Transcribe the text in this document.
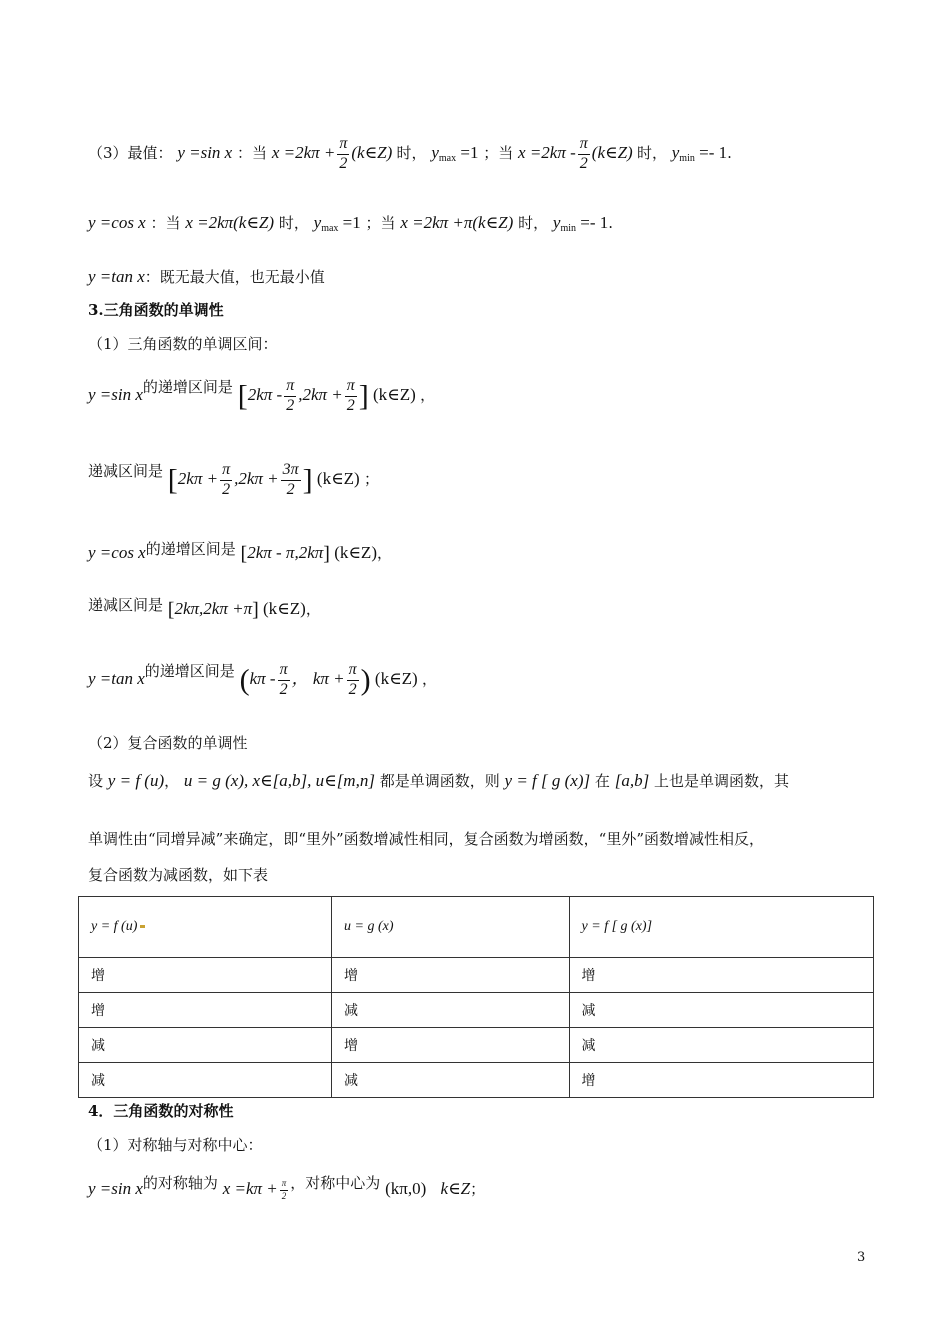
（3）最值： y =sin x ：当 $x =2k\pi + \frac{\pi}{2}$ (k∈Z) 时， $y_{max} =1$ ；当 $x =2k\pi - \frac{\pi}{2}$ (k∈Z) 时， $y_{min} =- 1$.
y =cos x ：当 x =2kπ(k∈Z) 时， $y_{max} =1$ ；当 x =2kπ +π(k∈Z) 时， $y_{min} =- 1$.
y =tan x：既无最大值，也无最小值
3.三角函数的单调性
（1）三角函数的单调区间：
y =sin x的递增区间是 [$2k\pi - \frac{\pi}{2} ,2k\pi + \frac{\pi}{2}$ ] (k∈Z) ，
递减区间是 [$2k\pi + \frac{\pi}{2} ,2k\pi + \frac{3\pi}{2}$ ] (k∈Z) ；
y =cos x的递增区间是 [2kπ - π,2kπ] (k∈Z)，
递减区间是 [2kπ,2kπ +π] (k∈Z)，
y =tan x的递增区间是 ($k\pi - \frac{\pi}{2}$ ， $k\pi + \frac{\pi}{2}$ ) (k∈Z) ，
（2）复合函数的单调性
设 y = f (u)， u = g (x), x∈[a,b], u∈[m,n] 都是单调函数，则 y = f [ g (x)] 在 [a,b] 上也是单调函数，其
单调性由“同增异减”来确定，即“里外”函数增减性相同，复合函数为增函数，“里外”函数增减性相反，
复合函数为减函数，如下表
y = f (u)	u = g (x)	y = f [ g (x)]
增	增	增
增	减	减
减	增	减
减	减	增
4．三角函数的对称性
（1）对称轴与对称中心：
y =sin x的对称轴为 $x =k\pi + \frac{\pi}{2}$ ，对称中心为 (kπ,0) k∈Z；
3
